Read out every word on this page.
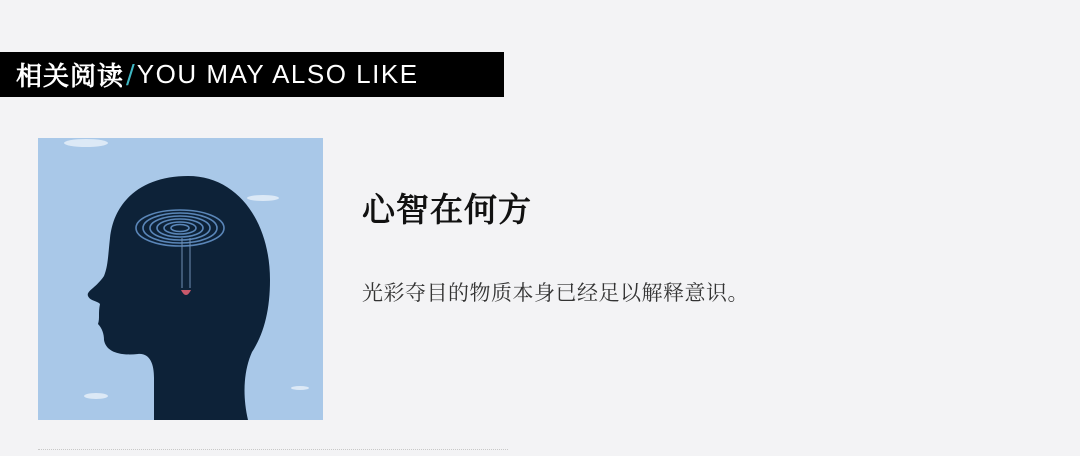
相关阅读 / YOU MAY ALSO LIKE
心智在何方
光彩夺目的物质本身已经足以解释意识。
